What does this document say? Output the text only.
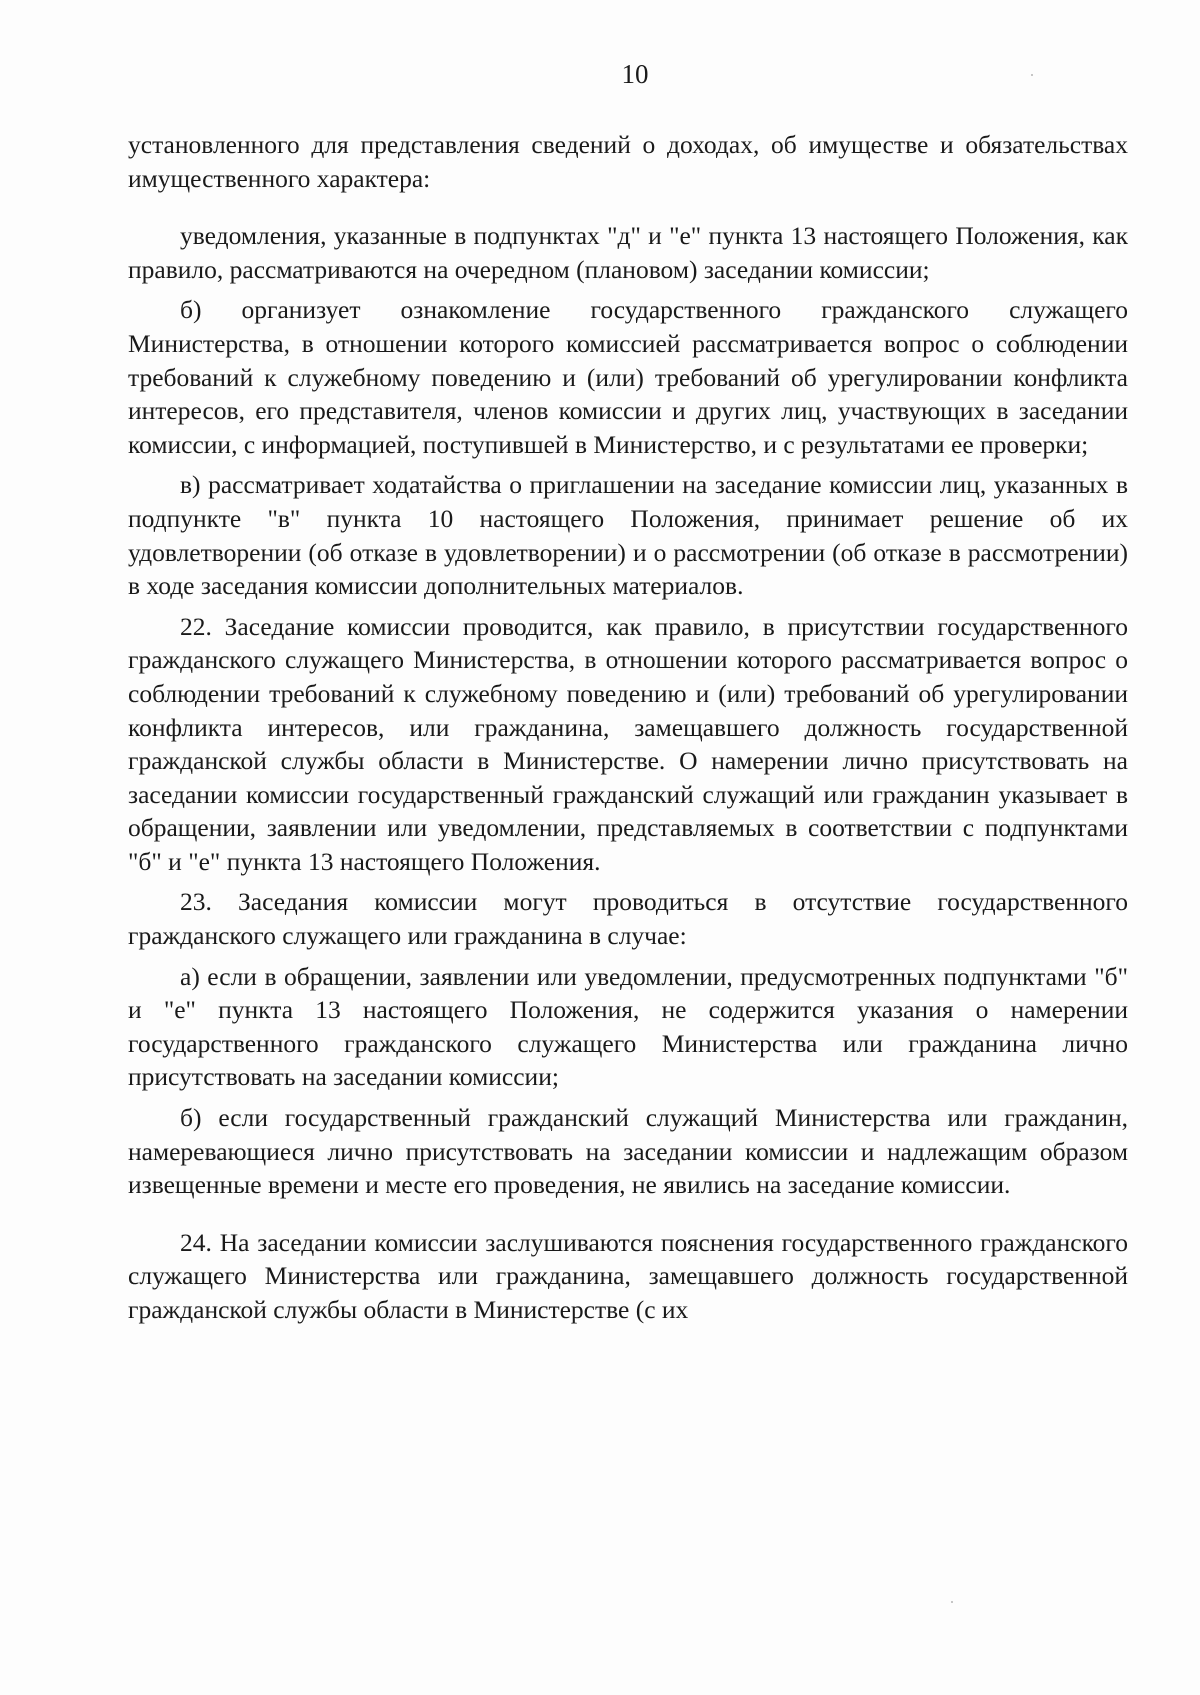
10

установленного для представления сведений о доходах, об имуществе и обязательствах имущественного характера:

уведомления, указанные в подпунктах "д" и "е" пункта 13 настоящего Положения, как правило, рассматриваются на очередном (плановом) заседании комиссии;

б) организует ознакомление государственного гражданского служащего Министерства, в отношении которого комиссией рассматривается вопрос о соблюдении требований к служебному поведению и (или) требований об урегулировании конфликта интересов, его представителя, членов комиссии и других лиц, участвующих в заседании комиссии, с информацией, поступившей в Министерство, и с результатами ее проверки;

в) рассматривает ходатайства о приглашении на заседание комиссии лиц, указанных в подпункте "в" пункта 10 настоящего Положения, принимает решение об их удовлетворении (об отказе в удовлетворении) и о рассмотрении (об отказе в рассмотрении) в ходе заседания комиссии дополнительных материалов.

22. Заседание комиссии проводится, как правило, в присутствии государственного гражданского служащего Министерства, в отношении которого рассматривается вопрос о соблюдении требований к служебному поведению и (или) требований об урегулировании конфликта интересов, или гражданина, замещавшего должность государственной гражданской службы области в Министерстве. О намерении лично присутствовать на заседании комиссии государственный гражданский служащий или гражданин указывает в обращении, заявлении или уведомлении, представляемых в соответствии с подпунктами "б" и "е" пункта 13 настоящего Положения.

23. Заседания комиссии могут проводиться в отсутствие государственного гражданского служащего или гражданина в случае:

а) если в обращении, заявлении или уведомлении, предусмотренных подпунктами "б" и "е" пункта 13 настоящего Положения, не содержится указания о намерении государственного гражданского служащего Министерства или гражданина лично присутствовать на заседании комиссии;

б) если государственный гражданский служащий Министерства или гражданин, намеревающиеся лично присутствовать на заседании комиссии и надлежащим образом извещенные времени и месте его проведения, не явились на заседание комиссии.

24. На заседании комиссии заслушиваются пояснения государственного гражданского служащего Министерства или гражданина, замещавшего должность государственной гражданской службы области в Министерстве (с их
